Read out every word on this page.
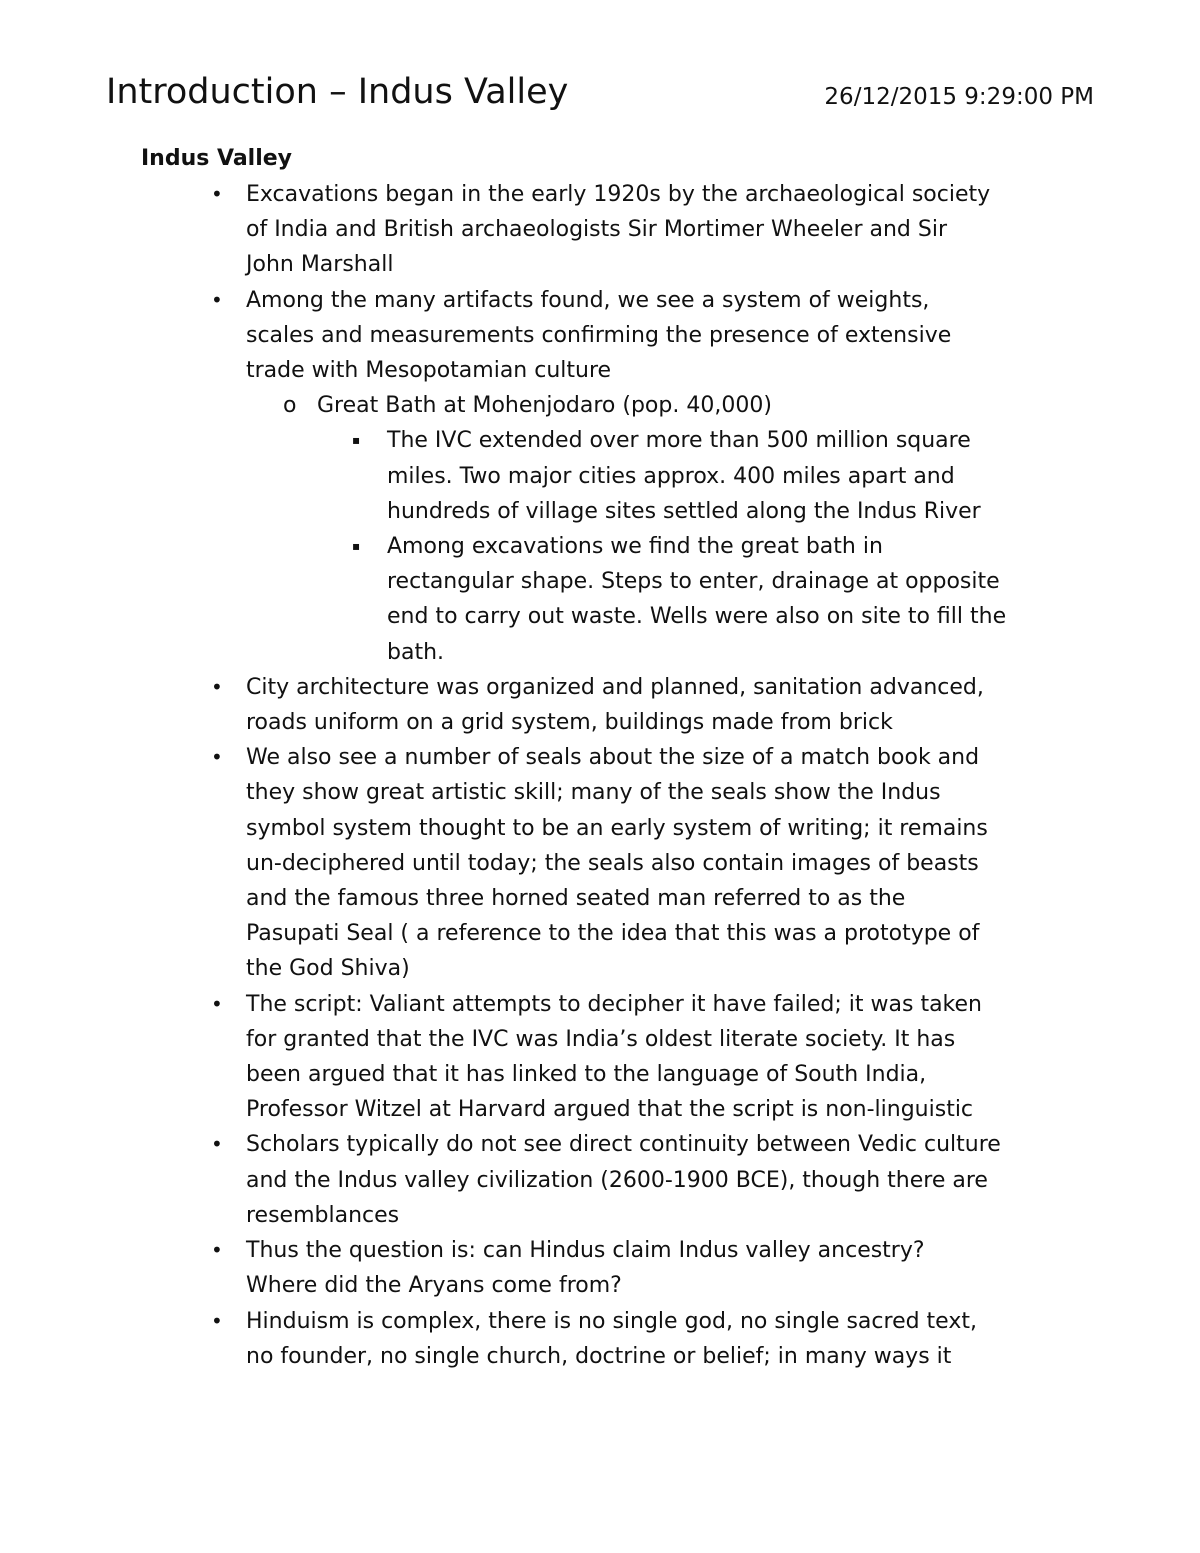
Introduction – Indus Valley	26/12/2015 9:29:00 PM
Indus Valley
• Excavations began in the early 1920s by the archaeological society
of India and British archaeologists Sir Mortimer Wheeler and Sir
John Marshall
• Among the many artifacts found, we see a system of weights,
scales and measurements confirming the presence of extensive
trade with Mesopotamian culture
o Great Bath at Mohenjodaro (pop. 40,000)
▪ The IVC extended over more than 500 million square
miles. Two major cities approx. 400 miles apart and
hundreds of village sites settled along the Indus River
▪ Among excavations we find the great bath in
rectangular shape. Steps to enter, drainage at opposite
end to carry out waste. Wells were also on site to fill the
bath.
• City architecture was organized and planned, sanitation advanced,
roads uniform on a grid system, buildings made from brick
• We also see a number of seals about the size of a match book and
they show great artistic skill; many of the seals show the Indus
symbol system thought to be an early system of writing; it remains
un-deciphered until today; the seals also contain images of beasts
and the famous three horned seated man referred to as the
Pasupati Seal ( a reference to the idea that this was a prototype of
the God Shiva)
• The script: Valiant attempts to decipher it have failed; it was taken
for granted that the IVC was India’s oldest literate society. It has
been argued that it has linked to the language of South India,
Professor Witzel at Harvard argued that the script is non-linguistic
• Scholars typically do not see direct continuity between Vedic culture
and the Indus valley civilization (2600-1900 BCE), though there are
resemblances
• Thus the question is: can Hindus claim Indus valley ancestry?
Where did the Aryans come from?
• Hinduism is complex, there is no single god, no single sacred text,
no founder, no single church, doctrine or belief; in many ways it
